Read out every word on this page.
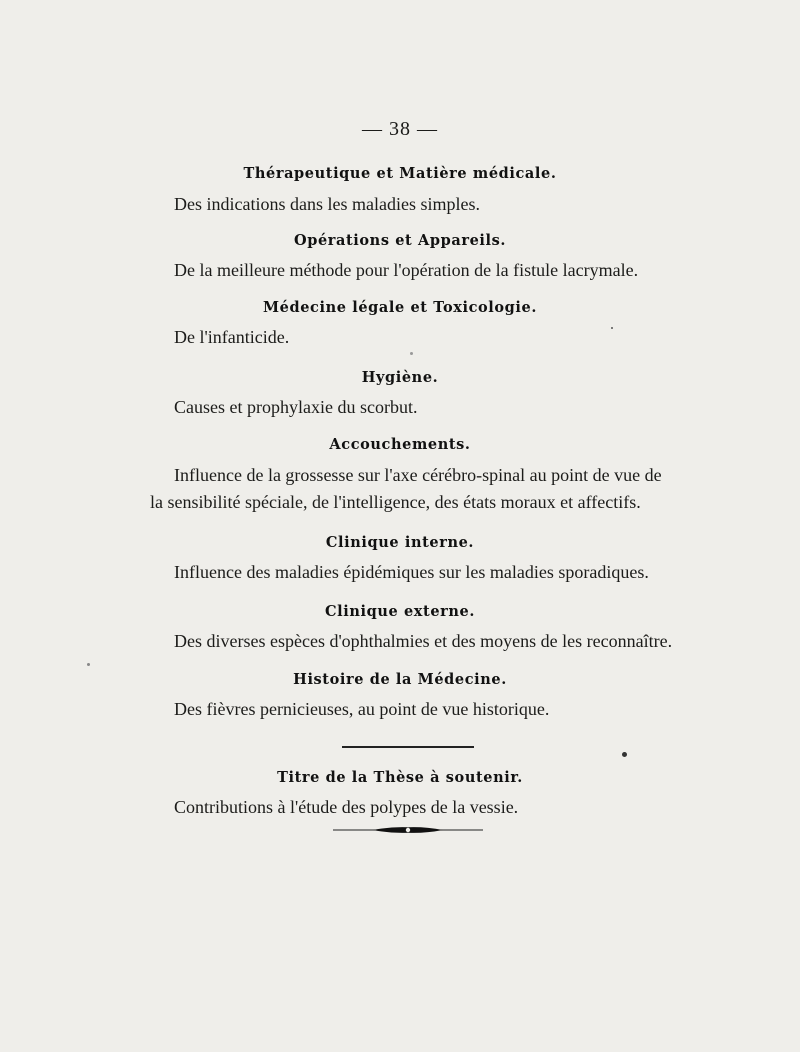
— 38 —
Thérapeutique et Matière médicale.
Des indications dans les maladies simples.
Opérations et Appareils.
De la meilleure méthode pour l'opération de la fistule lacrymale.
Médecine légale et Toxicologie.
De l'infanticide.
Hygiène.
Causes et prophylaxie du scorbut.
Accouchements.
Influence de la grossesse sur l'axe cérébro-spinal au point de vue de
la sensibilité spéciale, de l'intelligence, des états moraux et affectifs.
Clinique interne.
Influence des maladies épidémiques sur les maladies sporadiques.
Clinique externe.
Des diverses espèces d'ophthalmies et des moyens de les reconnaître.
Histoire de la Médecine.
Des fièvres pernicieuses, au point de vue historique.
Titre de la Thèse à soutenir.
Contributions à l'étude des polypes de la vessie.
